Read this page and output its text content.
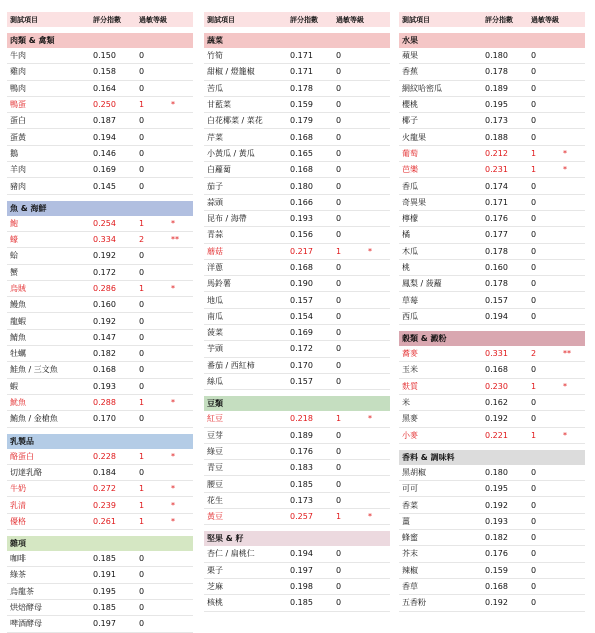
測試項目	評分指數	過敏等級
肉類 & 禽類
牛肉	0.150	0
雞肉	0.158	0
鴨肉	0.164	0
鴨蛋	0.250	1	*
蛋白	0.187	0
蛋黃	0.194	0
鵝	0.146	0
羊肉	0.169	0
豬肉	0.145	0
魚 & 海鮮
鮑	0.254	1	*
蠔	0.334	2	**
蛤	0.192	0
蟹	0.172	0
烏賊	0.286	1	*
鰻魚	0.160	0
龍蝦	0.192	0
鯖魚	0.147	0
牡蠣	0.182	0
鮭魚 / 三文魚	0.168	0
蝦	0.193	0
魷魚	0.288	1	*
鮪魚 / 金槍魚	0.170	0
乳製品
酪蛋白	0.228	1	*
切達乳酪	0.184	0
牛奶	0.272	1	*
乳清	0.239	1	*
優格	0.261	1	*
雜項
咖啡	0.185	0
綠茶	0.191	0
烏龍茶	0.195	0
烘焙酵母	0.185	0
啤酒酵母	0.197	0
測試項目	評分指數	過敏等級
蔬菜
竹筍	0.171	0
甜椒 / 燈籠椒	0.171	0
苦瓜	0.178	0
甘藍菜	0.159	0
白花椰菜 / 菜花	0.179	0
芹菜	0.168	0
小黃瓜 / 黃瓜	0.165	0
白蘿蔔	0.168	0
茄子	0.180	0
蒜頭	0.166	0
昆布 / 海帶	0.193	0
青蒜	0.156	0
蘑菇	0.217	1	*
洋蔥	0.168	0
馬鈴薯	0.190	0
地瓜	0.157	0
南瓜	0.154	0
菠菜	0.169	0
芋頭	0.172	0
番茄 / 西紅柿	0.170	0
絲瓜	0.157	0
豆類
紅豆	0.218	1	*
豆芽	0.189	0
綠豆	0.176	0
青豆	0.183	0
腰豆	0.185	0
花生	0.173	0
黃豆	0.257	1	*
堅果 & 籽
杏仁 / 扁桃仁	0.194	0
栗子	0.197	0
芝麻	0.198	0
核桃	0.185	0
測試項目	評分指數	過敏等級
水果
蘋果	0.180	0
香蕉	0.178	0
網紋哈密瓜	0.189	0
櫻桃	0.195	0
椰子	0.173	0
火龍果	0.188	0
葡萄	0.212	1	*
芭樂	0.231	1	*
香瓜	0.174	0
奇異果	0.171	0
檸檬	0.176	0
橘	0.177	0
木瓜	0.178	0
桃	0.160	0
鳳梨 / 菠蘿	0.178	0
草莓	0.157	0
西瓜	0.194	0
穀類 & 澱粉
蕎麥	0.331	2	**
玉米	0.168	0
麩質	0.230	1	*
米	0.162	0
黑麥	0.192	0
小麥	0.221	1	*
香料 & 調味料
黑胡椒	0.180	0
可可	0.195	0
香菜	0.192	0
薑	0.193	0
蜂蜜	0.182	0
芥末	0.176	0
辣椒	0.159	0
香草	0.168	0
五香粉	0.192	0
